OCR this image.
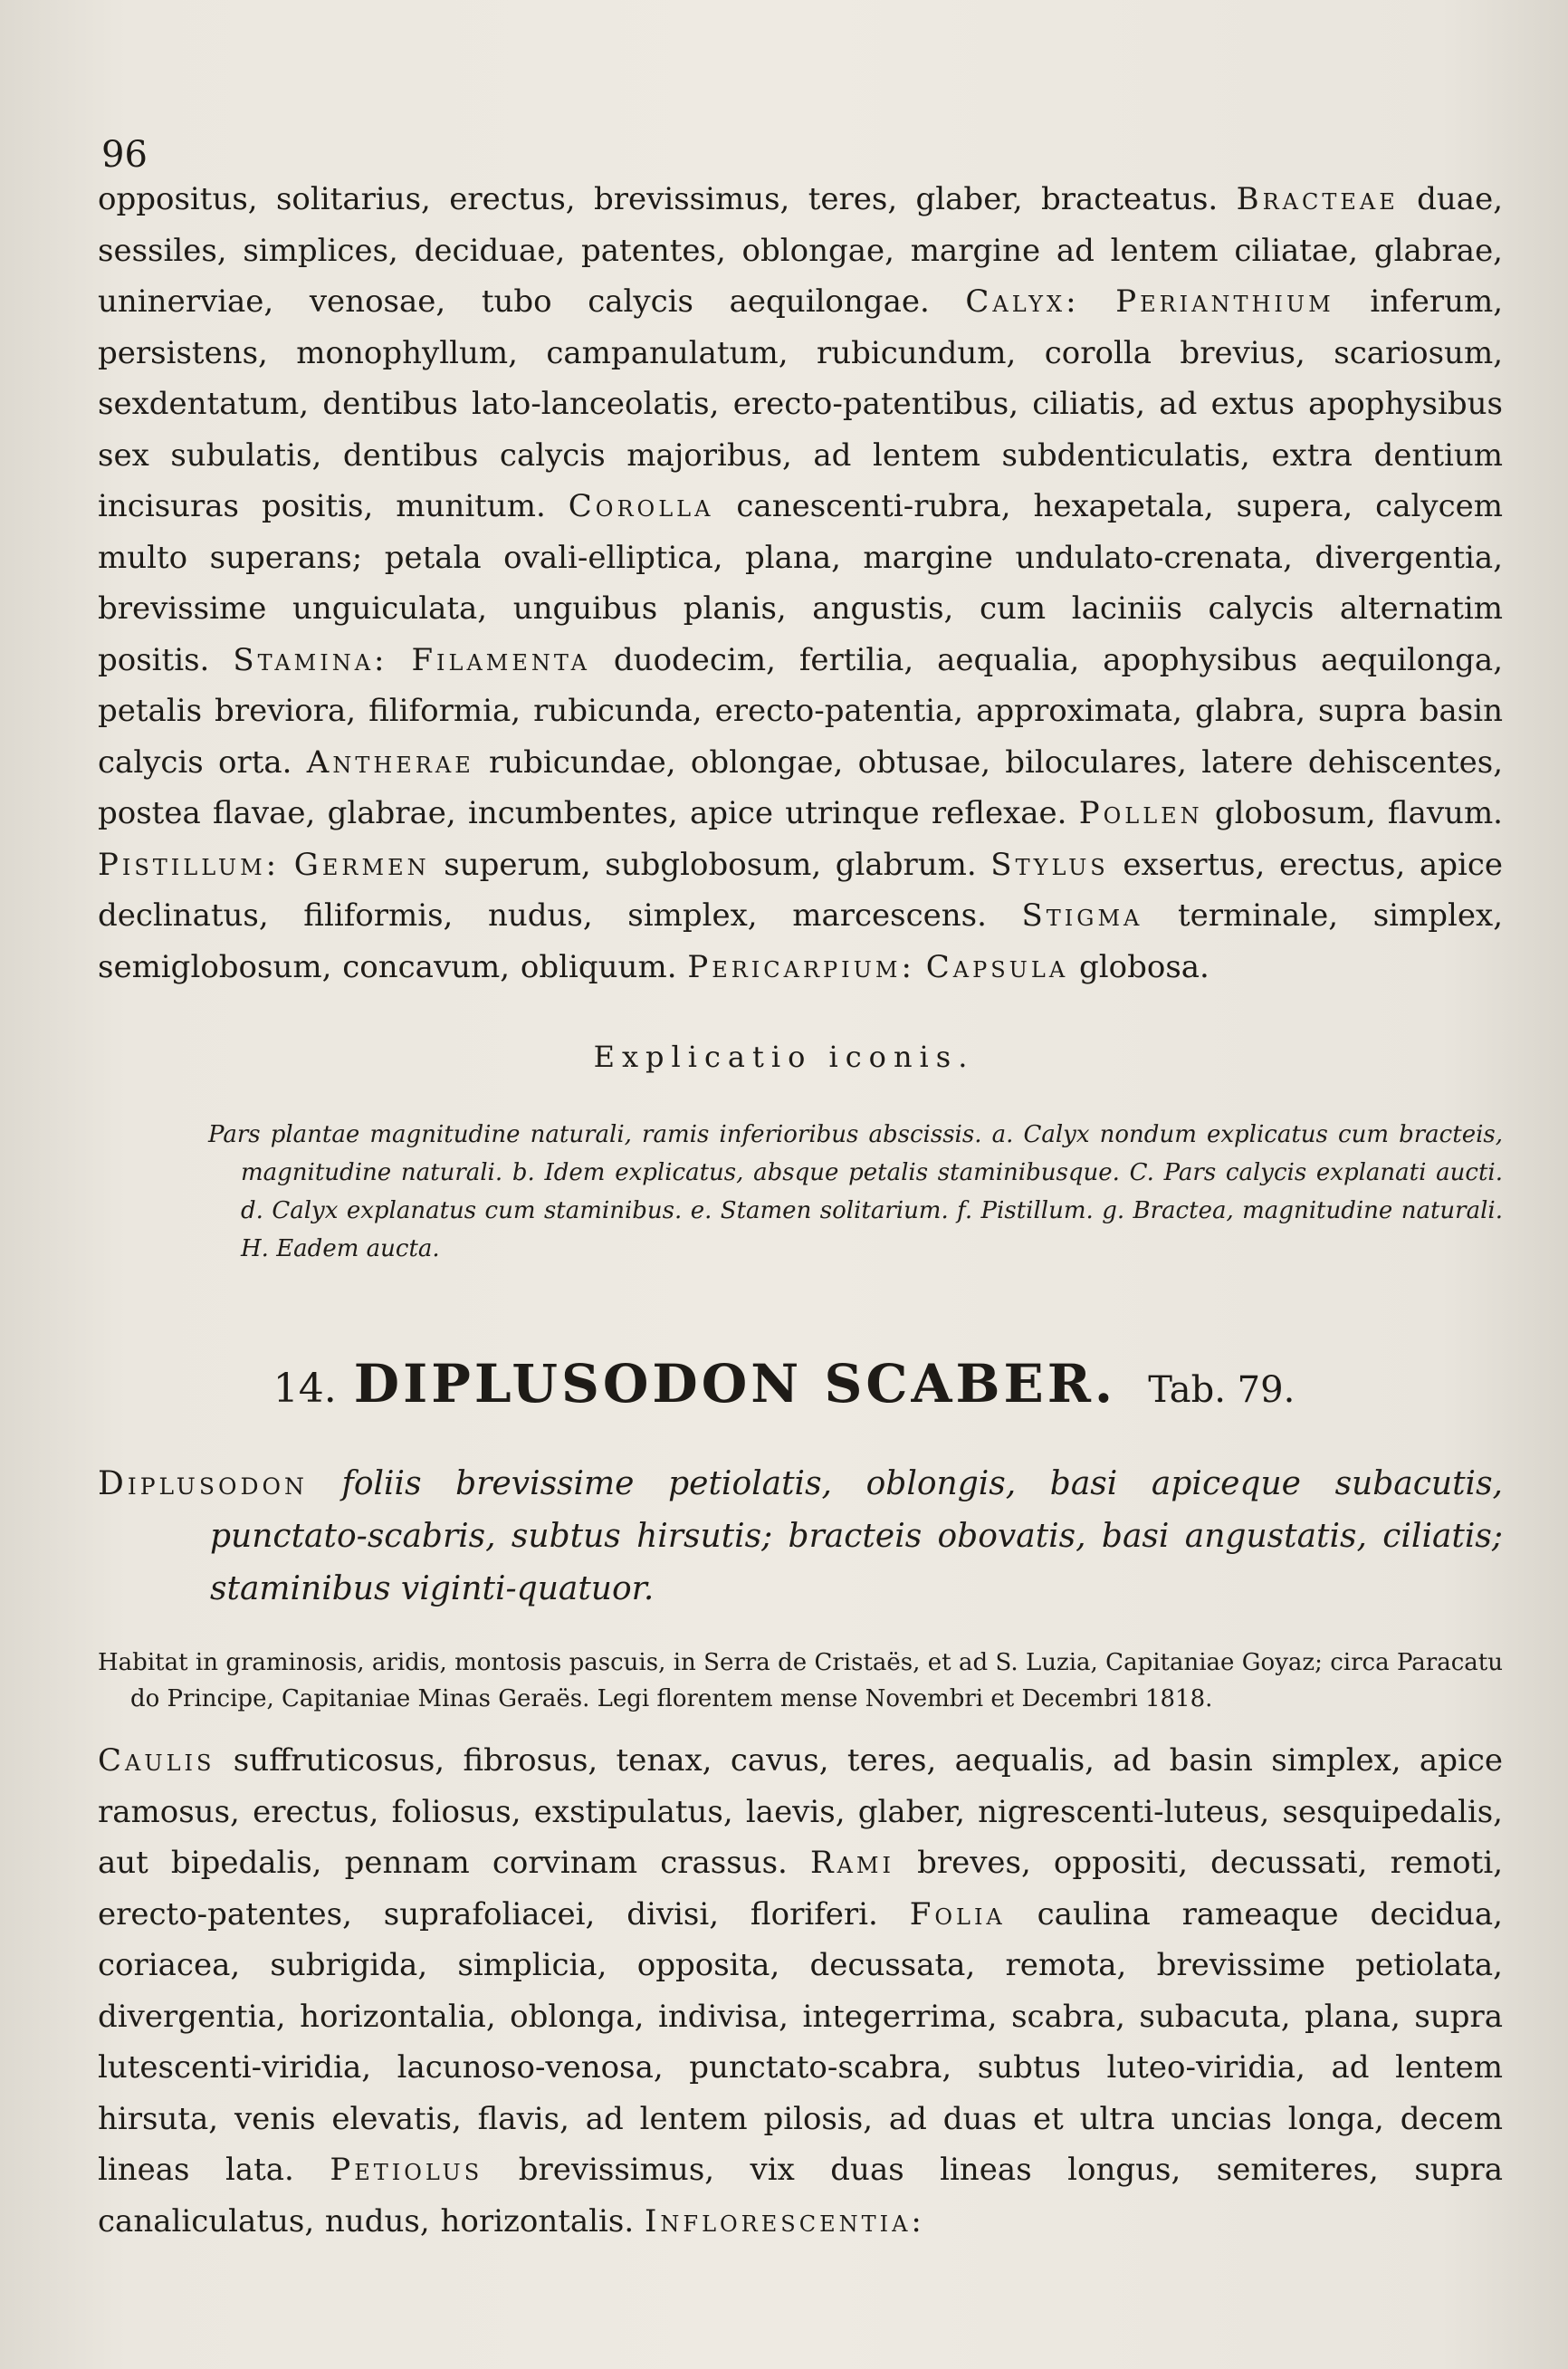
96
oppositus, solitarius, erectus, brevissimus, teres, glaber, bracteatus. Bracteae duae, sessiles, simplices, deciduae, patentes, oblongae, margine ad lentem ciliatae, glabrae, uninerviae, venosae, tubo calycis aequilongae. Calyx: Perianthium inferum, persistens, monophyllum, campanulatum, rubicundum, corolla brevius, scariosum, sexdentatum, dentibus lato-lanceolatis, erecto-patentibus, ciliatis, ad extus apophysibus sex subulatis, dentibus calycis majoribus, ad lentem subdenticulatis, extra dentium incisuras positis, munitum. Corolla canescenti-rubra, hexapetala, supera, calycem multo superans; petala ovali-elliptica, plana, margine undulato-crenata, divergentia, brevissime unguiculata, unguibus planis, angustis, cum laciniis calycis alternatim positis. Stamina: Filamenta duodecim, fertilia, aequalia, apophysibus aequilonga, petalis breviora, filiformia, rubicunda, erecto-patentia, approximata, glabra, supra basin calycis orta. Antherae rubicundae, oblongae, obtusae, biloculares, latere dehiscentes, postea flavae, glabrae, incumbentes, apice utrinque reflexae. Pollen globosum, flavum. Pistillum: Germen superum, subglobosum, glabrum. Stylus exsertus, erectus, apice declinatus, filiformis, nudus, simplex, marcescens. Stigma terminale, simplex, semiglobosum, concavum, obliquum. Pericarpium: Capsula globosa.
Explicatio iconis.
Pars plantae magnitudine naturali, ramis inferioribus abscissis. a. Calyx nondum explicatus cum bracteis, magnitudine naturali. b. Idem explicatus, absque petalis staminibusque. C. Pars calycis explanati aucti. d. Calyx explanatus cum staminibus. e. Stamen solitarium. f. Pistillum. g. Bractea, magnitudine naturali. H. Eadem aucta.
14. DIPLUSODON SCABER. Tab. 79.
Diplusodon foliis brevissime petiolatis, oblongis, basi apiceque subacutis, punctato-scabris, subtus hirsutis; bracteis obovatis, basi angustatis, ciliatis; staminibus viginti-quatuor.
Habitat in graminosis, aridis, montosis pascuis, in Serra de Cristaës, et ad S. Luzia, Capitaniae Goyaz; circa Paracatu do Principe, Capitaniae Minas Geraës. Legi florentem mense Novembri et Decembri 1818.
Caulis suffruticosus, fibrosus, tenax, cavus, teres, aequalis, ad basin simplex, apice ramosus, erectus, foliosus, exstipulatus, laevis, glaber, nigrescenti-luteus, sesquipedalis, aut bipedalis, pennam corvinam crassus. Rami breves, oppositi, decussati, remoti, erecto-patentes, suprafoliacei, divisi, floriferi. Folia caulina rameaque decidua, coriacea, subrigida, simplicia, opposita, decussata, remota, brevissime petiolata, divergentia, horizontalia, oblonga, indivisa, integerrima, scabra, subacuta, plana, supra lutescenti-viridia, lacunoso-venosa, punctato-scabra, subtus luteo-viridia, ad lentem hirsuta, venis elevatis, flavis, ad lentem pilosis, ad duas et ultra uncias longa, decem lineas lata. Petiolus brevissimus, vix duas lineas longus, semiteres, supra canaliculatus, nudus, horizontalis. Inflorescentia:
